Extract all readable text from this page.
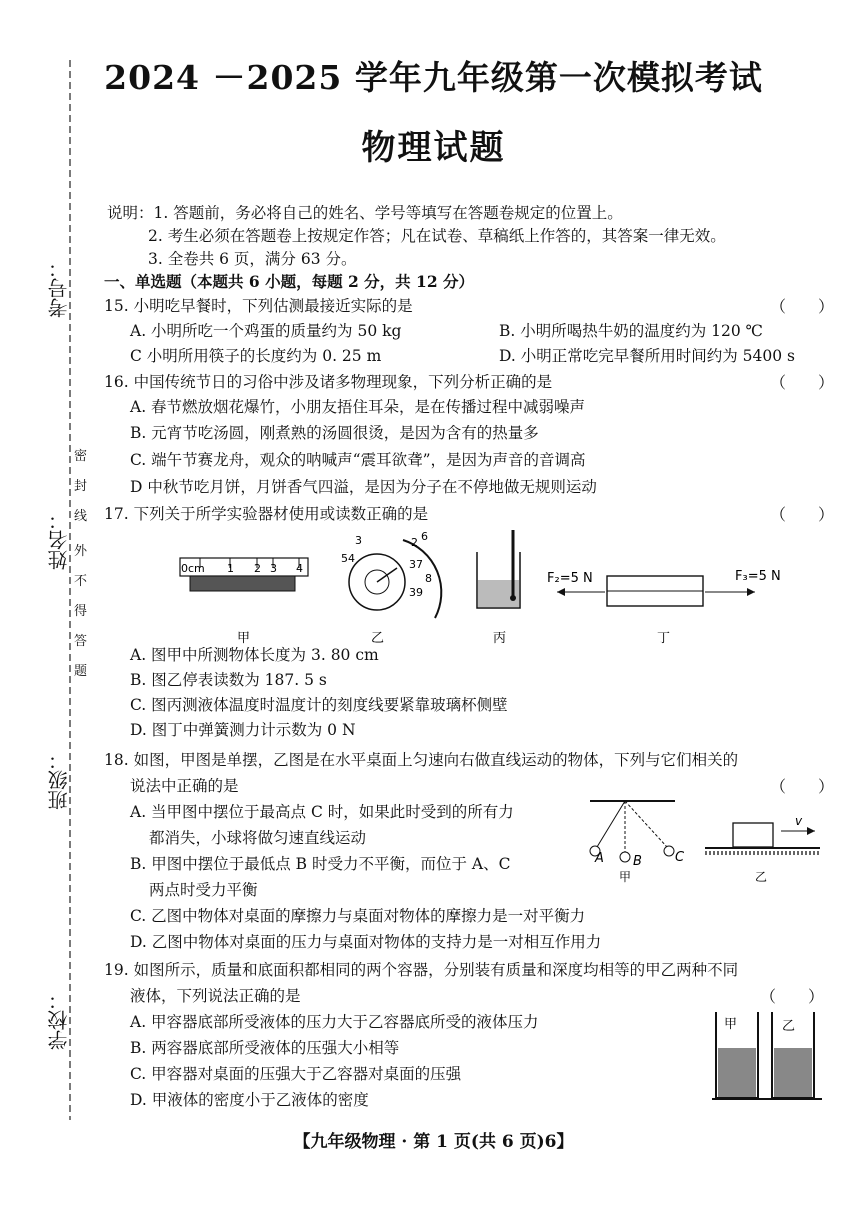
考号：
姓名：
班级：
学校：
密
封
线
外
不
得
答
题
2024 －2025 学年九年级第一次模拟考试
物理试题
说明：1. 答题前，务必将自己的姓名、学号等填写在答题卷规定的位置上。
2. 考生必须在答题卷上按规定作答；凡在试卷、草稿纸上作答的，其答案一律无效。
3. 全卷共 6 页，满分 63 分。
一、单选题（本题共 6 小题，每题 2 分，共 12 分）
15. 小明吃早餐时，下列估测最接近实际的是	（　　）
A. 小明所吃一个鸡蛋的质量约为 50 kg	B. 小明所喝热牛奶的温度约为 120 ℃
C 小明所用筷子的长度约为 0. 25 m	D. 小明正常吃完早餐所用时间约为 5400 s
16. 中国传统节日的习俗中涉及诸多物理现象，下列分析正确的是	（　　）
A. 春节燃放烟花爆竹，小朋友捂住耳朵，是在传播过程中减弱噪声
B. 元宵节吃汤圆，刚煮熟的汤圆很烫，是因为含有的热量多
C. 端午节赛龙舟，观众的呐喊声“震耳欲聋”，是因为声音的音调高
D 中秋节吃月饼，月饼香气四溢，是因为分子在不停地做无规则运动
17. 下列关于所学实验器材使用或读数正确的是	（　　）
0cm 1 2 3 4
甲
3
54
2 6
37
8
39
乙	丙
F₂=5 N	F₃=5 N
丁
A. 图甲中所测物体长度为 3. 80 cm
B. 图乙停表读数为 187. 5 s
C. 图丙测液体温度时温度计的刻度线要紧靠玻璃杯侧壁
D. 图丁中弹簧测力计示数为 0 N
18. 如图，甲图是单摆，乙图是在水平桌面上匀速向右做直线运动的物体，下列与它们相关的
说法中正确的是	（　　）
A. 当甲图中摆位于最高点 C 时，如果此时受到的所有力
都消失，小球将做匀速直线运动
B. 甲图中摆位于最低点 B 时受力不平衡，而位于 A、C
两点时受力平衡
C. 乙图中物体对桌面的摩擦力与桌面对物体的摩擦力是一对平衡力
D. 乙图中物体对桌面的压力与桌面对物体的支持力是一对相互作用力
A B	C
甲
v
乙
19. 如图所示，质量和底面积都相同的两个容器，分别装有质量和深度均相等的甲乙两种不同
液体，下列说法正确的是	（　　）
A. 甲容器底部所受液体的压力大于乙容器底所受的液体压力
B. 两容器底部所受液体的压强大小相等
C. 甲容器对桌面的压强大于乙容器对桌面的压强
D. 甲液体的密度小于乙液体的密度
甲	乙
【九年级物理 · 第 1 页(共 6 页)6】
